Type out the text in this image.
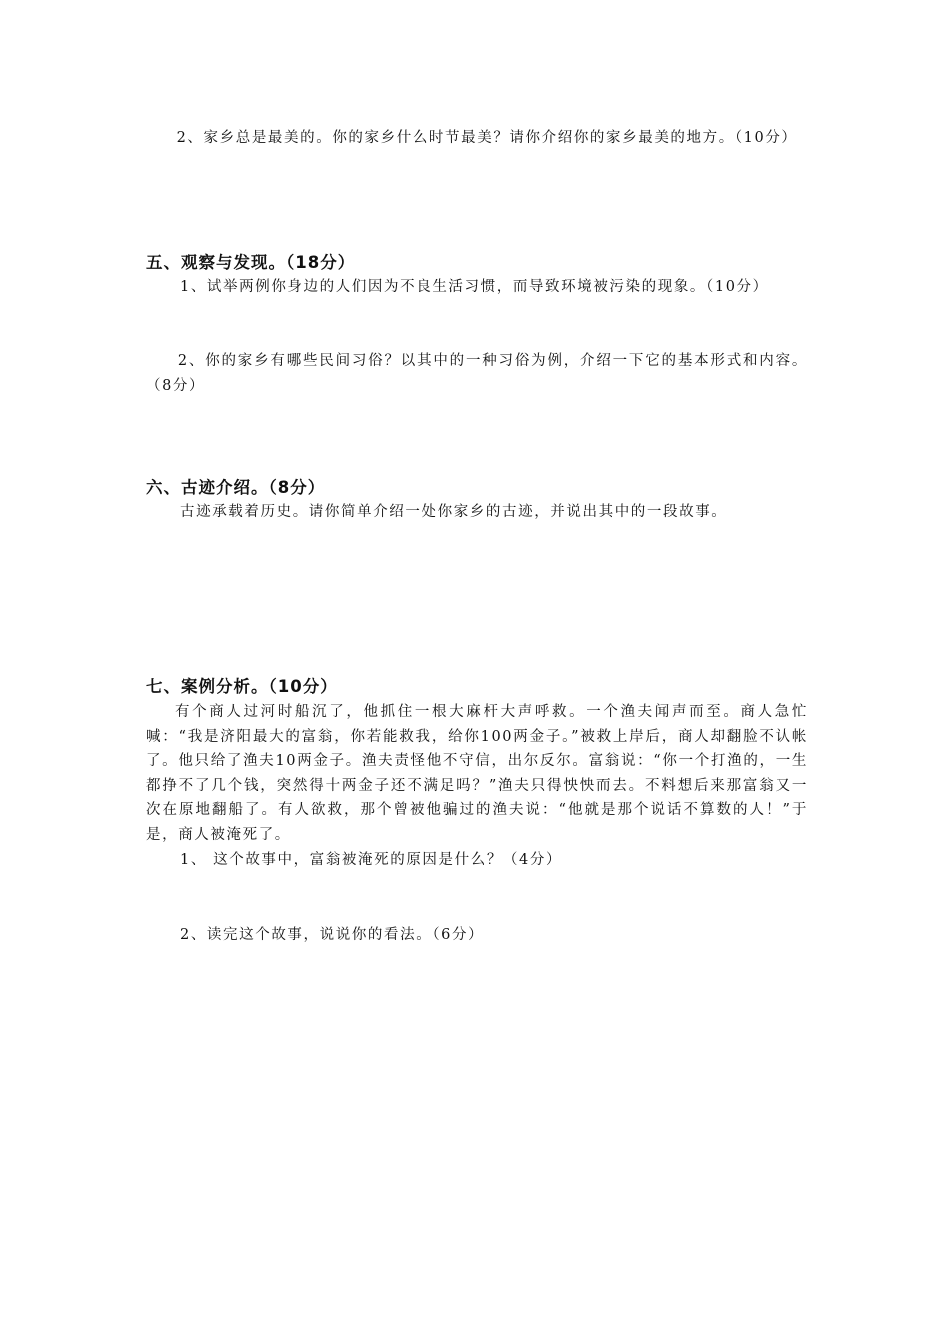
　2、家乡总是最美的。你的家乡什么时节最美？请你介绍你的家乡最美的地方。（10分）
五、观察与发现。（18分）
1、试举两例你身边的人们因为不良生活习惯，而导致环境被污染的现象。（10分）
2、你的家乡有哪些民间习俗？以其中的一种习俗为例，介绍一下它的基本形式和内容。（8分）
六、古迹介绍。（8分）
古迹承载着历史。请你简单介绍一处你家乡的古迹，并说出其中的一段故事。
七、案例分析。（10分）
有个商人过河时船沉了，他抓住一根大麻杆大声呼救。一个渔夫闻声而至。商人急忙喊：“我是济阳最大的富翁，你若能救我，给你100两金子。”被救上岸后，商人却翻脸不认帐了。他只给了渔夫10两金子。渔夫责怪他不守信，出尔反尔。富翁说：“你一个打渔的，一生都挣不了几个钱，突然得十两金子还不满足吗？”渔夫只得怏怏而去。不料想后来那富翁又一次在原地翻船了。有人欲救，那个曾被他骗过的渔夫说：“他就是那个说话不算数的人！”于是，商人被淹死了。
1、 这个故事中，富翁被淹死的原因是什么？（4分）
2、读完这个故事，说说你的看法。（6分）
